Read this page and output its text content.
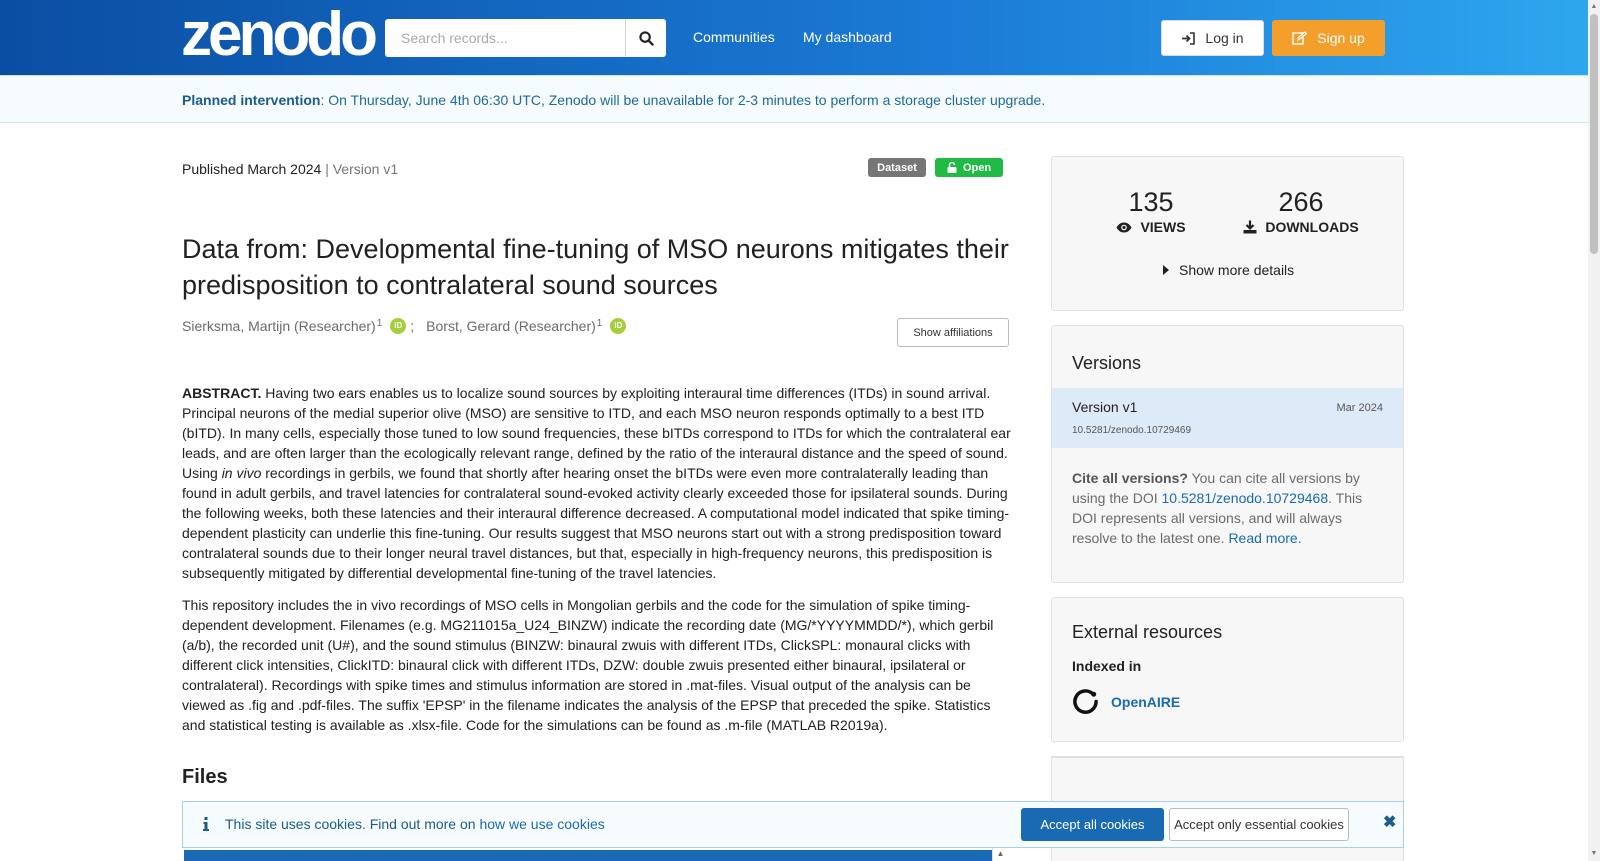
zenodo
Search records...	Communities My dashboard	Log in	Sign up
Planned intervention: On Thursday, June 4th 06:30 UTC, Zenodo will be unavailable for 2-3 minutes to perform a storage cluster upgrade.
Published March 2024 | Version v1	Dataset	Open
Data from: Developmental fine-tuning of MSO neurons mitigates their predisposition to contralateral sound sources
Sierksma, Martijn (Researcher)$^1$	iD ; Borst, Gerard (Researcher)$^1$	iD
Show affiliations

ABSTRACT. Having two ears enables us to localize sound sources by exploiting interaural time differences (ITDs) in sound arrival. Principal neurons of the medial superior olive (MSO) are sensitive to ITD, and each MSO neuron responds optimally to a best ITD (bITD). In many cells, especially those tuned to low sound frequencies, these bITDs correspond to ITDs for which the contralateral ear leads, and are often larger than the ecologically relevant range, defined by the ratio of the interaural distance and the speed of sound. Using in vivo recordings in gerbils, we found that shortly after hearing onset the bITDs were even more contralaterally leading than found in adult gerbils, and travel latencies for contralateral sound-evoked activity clearly exceeded those for ipsilateral sounds. During the following weeks, both these latencies and their interaural difference decreased. A computational model indicated that spike timing-dependent plasticity can underlie this fine-tuning. Our results suggest that MSO neurons start out with a strong predisposition toward contralateral sounds due to their longer neural travel distances, but that, especially in high-frequency neurons, this predisposition is subsequently mitigated by differential developmental fine-tuning of the travel latencies.

This repository includes the in vivo recordings of MSO cells in Mongolian gerbils and the code for the simulation of spike timing-dependent development. Filenames (e.g. MG211015a_U24_BINZW) indicate the recording date (MG/*YYYYMMDD/*), which gerbil (a/b), the recorded unit (U#), and the sound stimulus (BINZW: binaural zwuis with different ITDs, ClickSPL: monaural clicks with different click intensities, ClickITD: binaural click with different ITDs, DZW: double zwuis presented either binaural, ipsilateral or contralateral). Recordings with spike times and stimulus information are stored in .mat-files. Visual output of the analysis can be viewed as .fig and .pdf-files. The suffix 'EPSP' in the filename indicates the analysis of the EPSP that preceded the spike. Statistics and statistical testing is available as .xlsx-file. Code for the simulations can be found as .m-file (MATLAB R2019a).

Files
135
VIEWS
266
DOWNLOADS
Show more details
Versions
Version v1	Mar 2024
10.5281/zenodo.10729469
Cite all versions? You can cite all versions by using the DOI 10.5281/zenodo.10729468. This DOI represents all versions, and will always resolve to the latest one. Read more.
External resources
Indexed in
OpenAIRE
This site uses cookies. Find out more on how we use cookies	Accept all cookies	Accept only essential cookies	✖
▲
▲
▼
